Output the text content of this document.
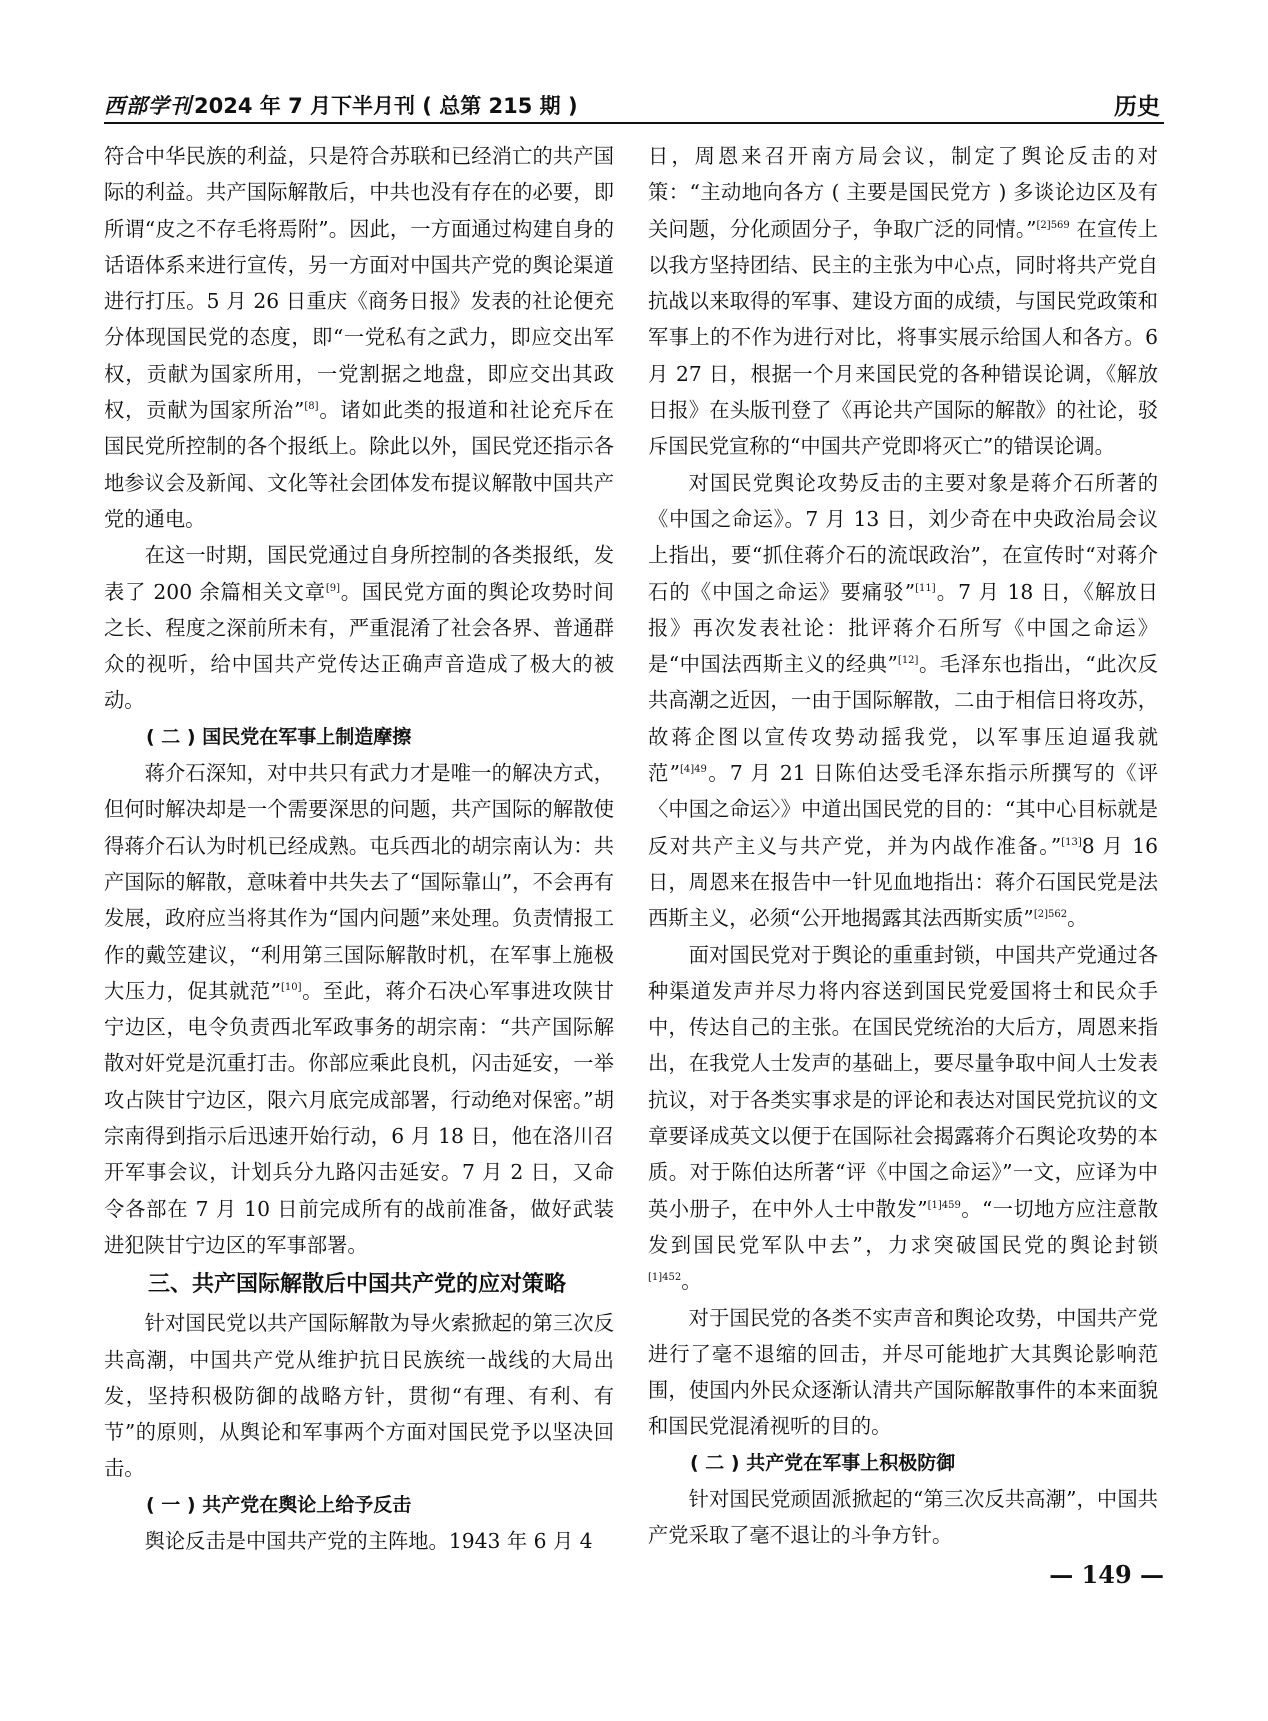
西部学刊 2024 年 7 月下半月刊 ( 总第 215 期 )	历史

符合中华民族的利益，只是符合苏联和已经消亡的共产国际的利益。共产国际解散后，中共也没有存在的必要，即所谓“皮之不存毛将焉附”。因此，一方面通过构建自身的话语体系来进行宣传，另一方面对中国共产党的舆论渠道进行打压。5 月 26 日重庆《商务日报》发表的社论便充分体现国民党的态度，即“一党私有之武力，即应交出军权，贡献为国家所用，一党割据之地盘，即应交出其政权，贡献为国家所治”[8]。诸如此类的报道和社论充斥在国民党所控制的各个报纸上。除此以外，国民党还指示各地参议会及新闻、文化等社会团体发布提议解散中国共产党的通电。

在这一时期，国民党通过自身所控制的各类报纸，发表了 200 余篇相关文章[9]。国民党方面的舆论攻势时间之长、程度之深前所未有，严重混淆了社会各界、普通群众的视听，给中国共产党传达正确声音造成了极大的被动。

( 二 ) 国民党在军事上制造摩擦

蒋介石深知，对中共只有武力才是唯一的解决方式，但何时解决却是一个需要深思的问题，共产国际的解散使得蒋介石认为时机已经成熟。屯兵西北的胡宗南认为：共产国际的解散，意味着中共失去了“国际靠山”，不会再有发展，政府应当将其作为“国内问题”来处理。负责情报工作的戴笠建议，“利用第三国际解散时机，在军事上施极大压力，促其就范”[10]。至此，蒋介石决心军事进攻陕甘宁边区，电令负责西北军政事务的胡宗南：“共产国际解散对奸党是沉重打击。你部应乘此良机，闪击延安，一举攻占陕甘宁边区，限六月底完成部署，行动绝对保密。”胡宗南得到指示后迅速开始行动，6 月 18 日，他在洛川召开军事会议，计划兵分九路闪击延安。7 月 2 日，又命令各部在 7 月 10 日前完成所有的战前准备，做好武装进犯陕甘宁边区的军事部署。

三、共产国际解散后中国共产党的应对策略

针对国民党以共产国际解散为导火索掀起的第三次反共高潮，中国共产党从维护抗日民族统一战线的大局出发，坚持积极防御的战略方针，贯彻“有理、有利、有节”的原则，从舆论和军事两个方面对国民党予以坚决回击。

( 一 ) 共产党在舆论上给予反击

舆论反击是中国共产党的主阵地。1943 年 6 月 4

日，周恩来召开南方局会议，制定了舆论反击的对策：“主动地向各方 ( 主要是国民党方 ) 多谈论边区及有关问题，分化顽固分子，争取广泛的同情。”$^{[2]569}$ 在宣传上以我方坚持团结、民主的主张为中心点，同时将共产党自抗战以来取得的军事、建设方面的成绩，与国民党政策和军事上的不作为进行对比，将事实展示给国人和各方。6 月 27 日，根据一个月来国民党的各种错误论调，《解放日报》在头版刊登了《再论共产国际的解散》的社论，驳斥国民党宣称的“中国共产党即将灭亡”的错误论调。

对国民党舆论攻势反击的主要对象是蒋介石所著的《中国之命运》。7 月 13 日，刘少奇在中央政治局会议上指出，要“抓住蒋介石的流氓政治”，在宣传时“对蒋介石的《中国之命运》要痛驳”[11]。7 月 18 日，《解放日报》再次发表社论：批评蒋介石所写《中国之命运》是“中国法西斯主义的经典”[12]。毛泽东也指出，“此次反共高潮之近因，一由于国际解散，二由于相信日将攻苏，故蒋企图以宣传攻势动摇我党，以军事压迫逼我就范”$^{[4]49}$。7 月 21 日陈伯达受毛泽东指示所撰写的《评〈中国之命运〉》中道出国民党的目的：“其中心目标就是反对共产主义与共产党，并为内战作准备。”[13]8 月 16 日，周恩来在报告中一针见血地指出：蒋介石国民党是法西斯主义，必须“公开地揭露其法西斯实质”$^{[2]562}$。

面对国民党对于舆论的重重封锁，中国共产党通过各种渠道发声并尽力将内容送到国民党爱国将士和民众手中，传达自己的主张。在国民党统治的大后方，周恩来指出，在我党人士发声的基础上，要尽量争取中间人士发表抗议，对于各类实事求是的评论和表达对国民党抗议的文章要译成英文以便于在国际社会揭露蒋介石舆论攻势的本质。对于陈伯达所著“评《中国之命运》”一文，应译为中英小册子，在中外人士中散发”$^{[1]459}$。“一切地方应注意散发到国民党军队中去”，力求突破国民党的舆论封锁$^{[1]452}$。

对于国民党的各类不实声音和舆论攻势，中国共产党进行了毫不退缩的回击，并尽可能地扩大其舆论影响范围，使国内外民众逐渐认清共产国际解散事件的本来面貌和国民党混淆视听的目的。

( 二 ) 共产党在军事上积极防御

针对国民党顽固派掀起的“第三次反共高潮”，中国共产党采取了毫不退让的斗争方针。

— 149 —
